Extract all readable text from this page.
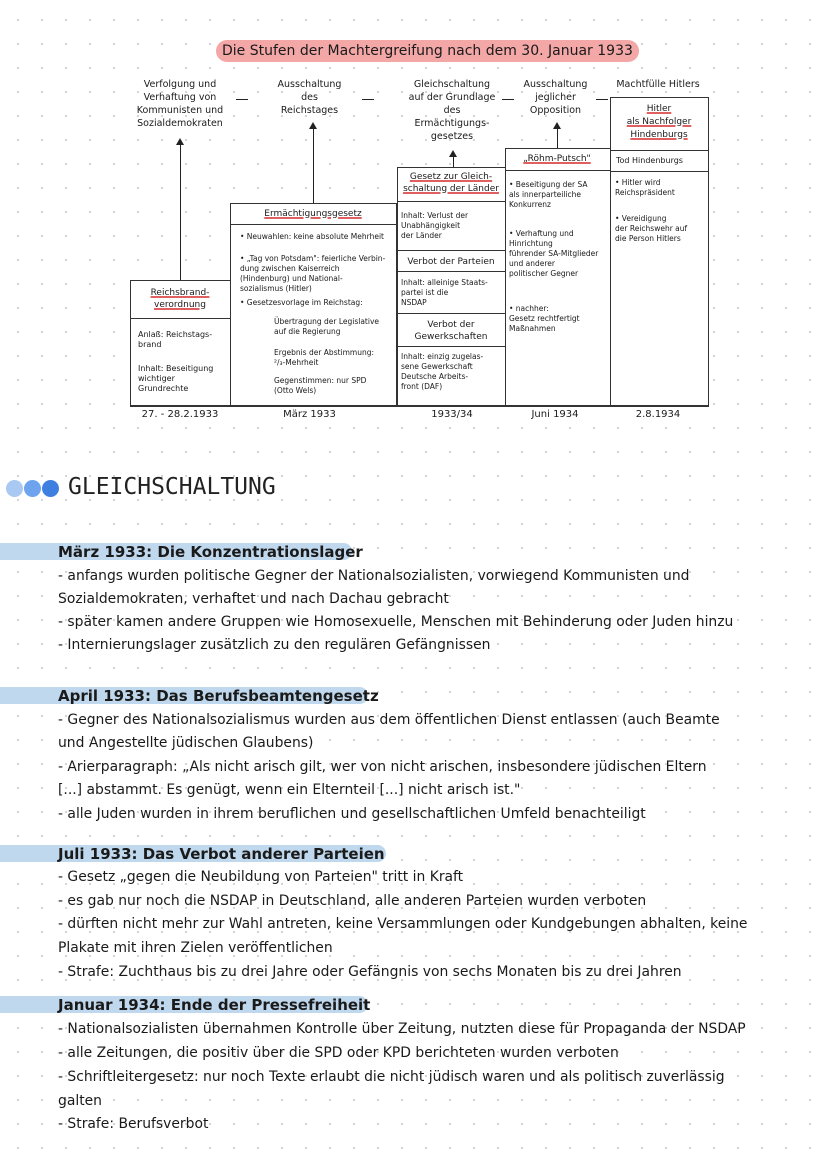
Die Stufen der Machtergreifung nach dem 30. Januar 1933
Verfolgung und
Verhaftung von
Kommunisten und
Sozialdemokraten
Ausschaltung
des
Reichstages
Gleichschaltung
auf der Grundlage
des
Ermächtigungs-
gesetzes
Ausschaltung
jeglicher
Opposition
Machtfülle Hitlers
Reichsbrand-
verordnung
Anlaß: Reichstags-
brand
Inhalt: Beseitigung
wichtiger
Grundrechte
Ermächtigungsgesetz
• Neuwahlen: keine absolute Mehrheit
• „Tag von Potsdam": feierliche Verbin-
dung zwischen Kaiserreich
(Hindenburg) und National-
sozialismus (Hitler)
• Gesetzesvorlage im Reichstag:
Übertragung der Legislative
auf die Regierung
Ergebnis der Abstimmung:
²/₃-Mehrheit
Gegenstimmen: nur SPD
(Otto Wels)
Gesetz zur Gleich-
schaltung der Länder
Inhalt: Verlust der
Unabhängigkeit
der Länder
Verbot der Parteien
Inhalt: alleinige Staats-
partei ist die
NSDAP
Verbot der
Gewerkschaften
Inhalt: einzig zugelas-
sene Gewerkschaft
Deutsche Arbeits-
front (DAF)
„Röhm-Putsch"
• Beseitigung der SA
als innerparteiliche
Konkurrenz
• Verhaftung und
Hinrichtung
führender SA-Mitglieder
und anderer
politischer Gegner
• nachher:
Gesetz rechtfertigt
Maßnahmen
Hitler
als Nachfolger
Hindenburgs
Tod Hindenburgs
• Hitler wird
Reichspräsident
• Vereidigung
der Reichswehr auf
die Person Hitlers
27. - 28.2.1933	März 1933	1933/34	Juni 1934	2.8.1934
GLEICHSCHALTUNG
März 1933: Die Konzentrationslager
- anfangs wurden politische Gegner der Nationalsozialisten, vorwiegend Kommunisten und
Sozialdemokraten, verhaftet und nach Dachau gebracht
- später kamen andere Gruppen wie Homosexuelle, Menschen mit Behinderung oder Juden hinzu
- Internierungslager zusätzlich zu den regulären Gefängnissen
April 1933: Das Berufsbeamtengesetz
- Gegner des Nationalsozialismus wurden aus dem öffentlichen Dienst entlassen (auch Beamte
und Angestellte jüdischen Glaubens)
- Arierparagraph: „Als nicht arisch gilt, wer von nicht arischen, insbesondere jüdischen Eltern
[...] abstammt. Es genügt, wenn ein Elternteil [...] nicht arisch ist."
- alle Juden wurden in ihrem beruflichen und gesellschaftlichen Umfeld benachteiligt
Juli 1933: Das Verbot anderer Parteien
- Gesetz „gegen die Neubildung von Parteien" tritt in Kraft
- es gab nur noch die NSDAP in Deutschland, alle anderen Parteien wurden verboten
- dürften nicht mehr zur Wahl antreten, keine Versammlungen oder Kundgebungen abhalten, keine
Plakate mit ihren Zielen veröffentlichen
- Strafe: Zuchthaus bis zu drei Jahre oder Gefängnis von sechs Monaten bis zu drei Jahren
Januar 1934: Ende der Pressefreiheit
- Nationalsozialisten übernahmen Kontrolle über Zeitung, nutzten diese für Propaganda der NSDAP
- alle Zeitungen, die positiv über die SPD oder KPD berichteten wurden verboten
- Schriftleitergesetz: nur noch Texte erlaubt die nicht jüdisch waren und als politisch zuverlässig
galten
- Strafe: Berufsverbot
